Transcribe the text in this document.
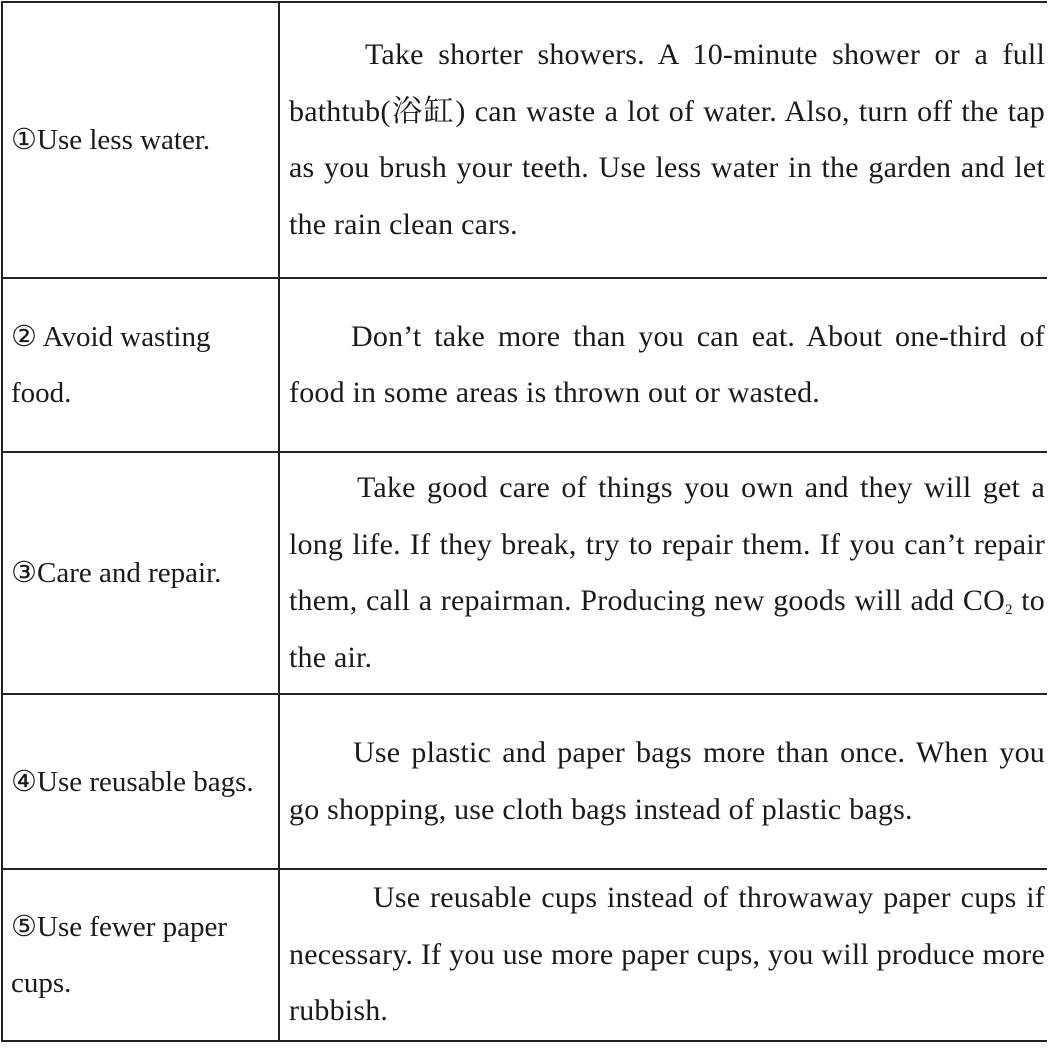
①Use less water.	Take shorter showers. A 10-minute shower or a full bathtub(浴缸) can waste a lot of water. Also, turn off the tap as you brush your teeth. Use less water in the garden and let the rain clean cars.
② Avoid wasting food.	Don’t take more than you can eat. About one-third of food in some areas is thrown out or wasted.
③Care and repair.	Take good care of things you own and they will get a long life. If they break, try to repair them. If you can’t repair them, call a repairman. Producing new goods will add $CO_2$ to the air.
④Use reusable bags.	Use plastic and paper bags more than once. When you go shopping, use cloth bags instead of plastic bags.
⑤Use fewer paper cups.	Use reusable cups instead of throwaway paper cups if necessary. If you use more paper cups, you will produce more rubbish.
